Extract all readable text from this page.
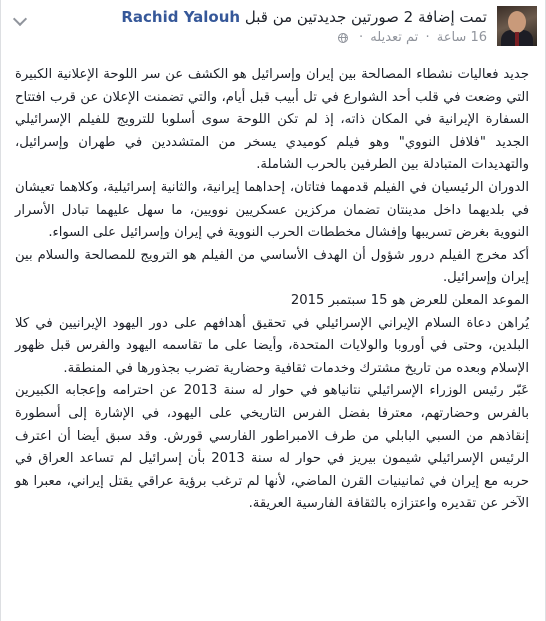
تمت إضافة 2 صورتين جديدتين من قبل Rachid Yalouh
16 ساعة · تم تعديله ·

جديد فعاليات نشطاء المصالحة بين إيران وإسرائيل هو الكشف عن سر اللوحة الإعلانية الكبيرة التي وضعت في قلب أحد الشوارع في تل أبيب قبل أيام، والتي تضمنت الإعلان عن قرب افتتاح السفارة الإيرانية في المكان ذاته، إذ لم تكن اللوحة سوى أسلوبا للترويج للفيلم الإسرائيلي الجديد "فلافل النووي" وهو فيلم كوميدي يسخر من المتشددين في طهران وإسرائيل، والتهديدات المتبادلة بين الطرفين بالحرب الشاملة.

الدوران الرئيسيان في الفيلم قدمهما فتاتان، إحداهما إيرانية، والثانية إسرائيلية، وكلاهما تعيشان في بلديهما داخل مدينتان تضمان مركزين عسكريين نوويين، ما سهل عليهما تبادل الأسرار النووية بغرض تسريبها وإفشال مخططات الحرب النووية في إيران وإسرائيل على السواء.

أكد مخرج الفيلم درور شؤول أن الهدف الأساسي من الفيلم هو الترويج للمصالحة والسلام بين إيران وإسرائيل.

الموعد المعلن للعرض هو 15 سبتمبر 2015

يُراهن دعاة السلام الإيراني الإسرائيلي في تحقيق أهدافهم على دور اليهود الإيرانيين في كلا البلدين، وحتى في أوروبا والولايات المتحدة، وأيضا على ما تقاسمه اليهود والفرس قبل ظهور الإسلام وبعده من تاريخ مشترك وخدمات ثقافية وحضارية تضرب بجذورها في المنطقة.

عَبّر رئيس الوزراء الإسرائيلي نتانياهو في حوار له سنة 2013 عن احترامه وإعجابه الكبيرين بالفرس وحضارتهم، معترفا بفضل الفرس التاريخي على اليهود، في الإشارة إلى أسطورة إنقاذهم من السبي البابلي من طرف الامبراطور الفارسي قورش. وقد سبق أيضا أن اعترف الرئيس الإسرائيلي شيمون بيريز في حوار له سنة 2013 بأن إسرائيل لم تساعد العراق في حربه مع إيران في ثمانينيات القرن الماضي، لأنها لم ترغب برؤية عراقي يقتل إيراني، معبرا هو الآخر عن تقديره واعتزازه بالثقافة الفارسية العريقة.
